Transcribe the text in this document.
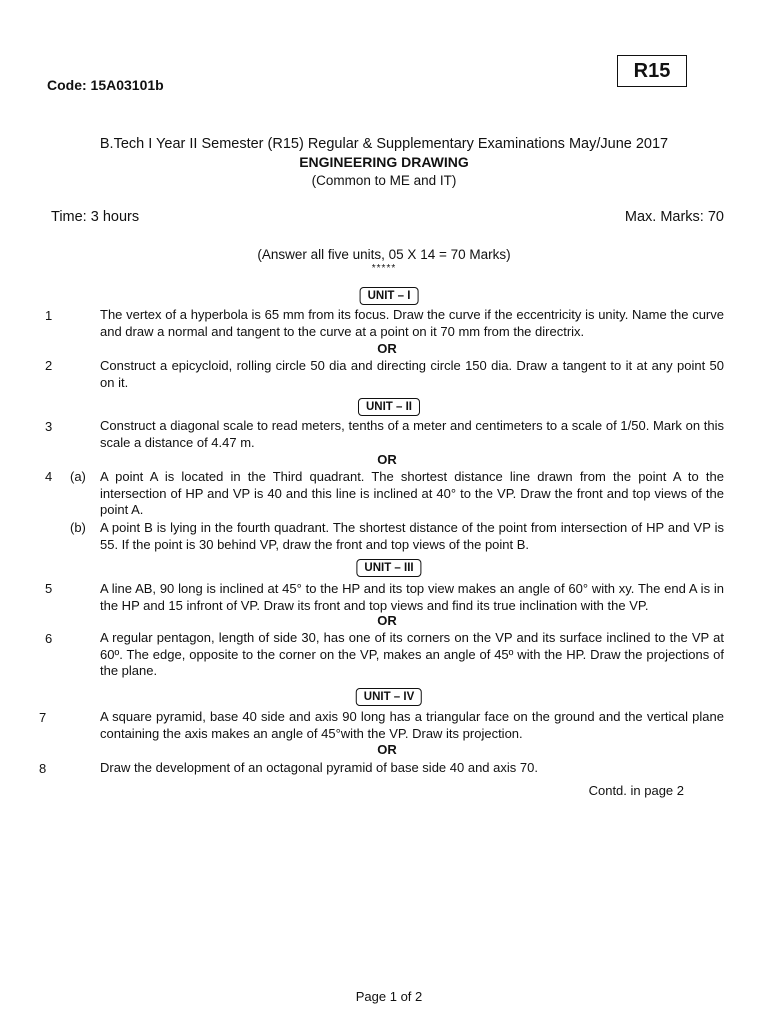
Code: 15A03101b
R15
B.Tech I Year II Semester (R15) Regular & Supplementary Examinations May/June 2017
ENGINEERING DRAWING
(Common to ME and IT)
Time: 3 hours	Max. Marks: 70
(Answer all five units, 05 X 14 = 70 Marks)
*****
UNIT – I
1	The vertex of a hyperbola is 65 mm from its focus. Draw the curve if the eccentricity is unity. Name the curve and draw a normal and tangent to the curve at a point on it 70 mm from the directrix.
OR
2	Construct a epicycloid, rolling circle 50 dia and directing circle 150 dia. Draw a tangent to it at any point 50 on it.
UNIT – II
3	Construct a diagonal scale to read meters, tenths of a meter and centimeters to a scale of 1/50. Mark on this scale a distance of 4.47 m.
OR
4 (a) A point A is located in the Third quadrant. The shortest distance line drawn from the point A to the intersection of HP and VP is 40 and this line is inclined at 40° to the VP. Draw the front and top views of the point A.
(b) A point B is lying in the fourth quadrant. The shortest distance of the point from intersection of HP and VP is 55. If the point is 30 behind VP, draw the front and top views of the point B.
UNIT – III
5	A line AB, 90 long is inclined at 45° to the HP and its top view makes an angle of 60° with xy. The end A is in the HP and 15 infront of VP. Draw its front and top views and find its true inclination with the VP.
OR
6	A regular pentagon, length of side 30, has one of its corners on the VP and its surface inclined to the VP at 60º. The edge, opposite to the corner on the VP, makes an angle of 45º with the HP. Draw the projections of the plane.
UNIT – IV
7	A square pyramid, base 40 side and axis 90 long has a triangular face on the ground and the vertical plane containing the axis makes an angle of 45°with the VP. Draw its projection.
OR
8	Draw the development of an octagonal pyramid of base side 40 and axis 70.
Contd. in page 2
Page 1 of 2
